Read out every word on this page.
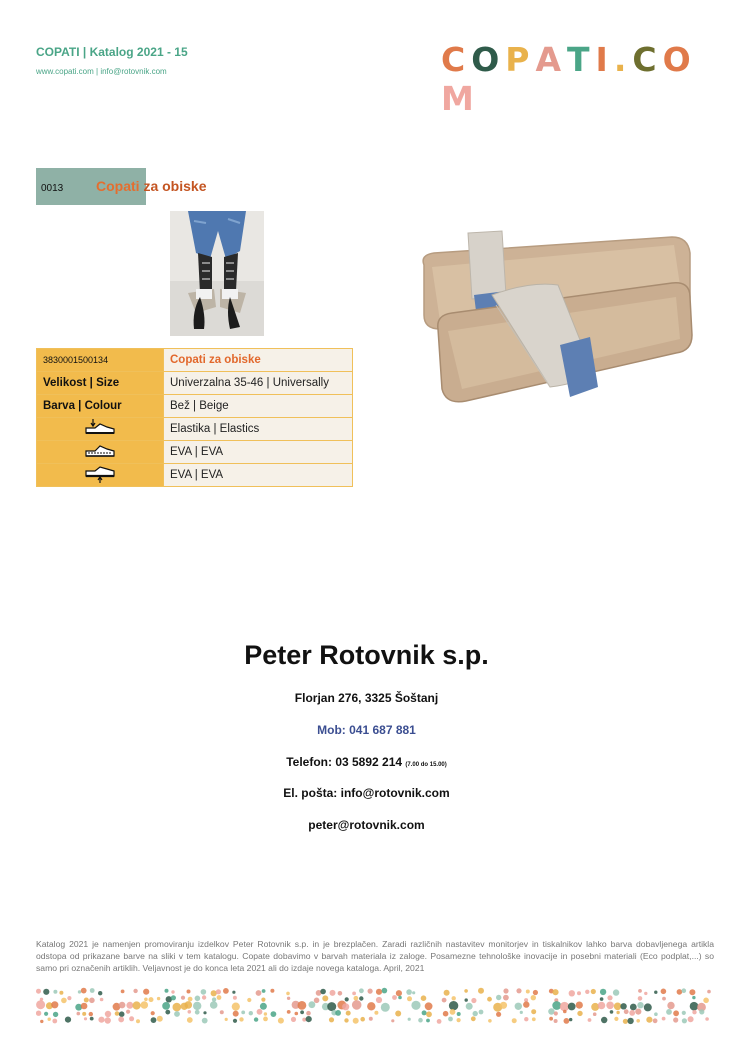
COPATI | Katalog 2021 - 15
www.copati.com | info@rotovnik.com	COPATI.COM
0013 Copati za obiske
3830001500134	Copati za obiske
Velikost | Size	Univerzalna 35-46 | Universally
Barva | Colour	Bež | Beige
	Elastika | Elastics
	EVA | EVA
	EVA | EVA
Peter Rotovnik s.p.
Florjan 276, 3325 Šoštanj
Mob: 041 687 881
Telefon: 03 5892 214 (7.00 do 15.00)
El. pošta: info@rotovnik.com
peter@rotovnik.com
Katalog 2021 je namenjen promoviranju izdelkov Peter Rotovnik s.p. in je brezplačen. Zaradi različnih nastavitev monitorjev in tiskalnikov lahko barva dobavljenega artikla odstopa od prikazane barve na sliki v tem katalogu. Copate dobavimo v barvah materiala iz zaloge. Posamezne tehnološke inovacije in posebni materiali (Eco podplat,...) so samo pri označenih artiklih. Veljavnost je do konca leta 2021 ali do izdaje novega kataloga. April, 2021
